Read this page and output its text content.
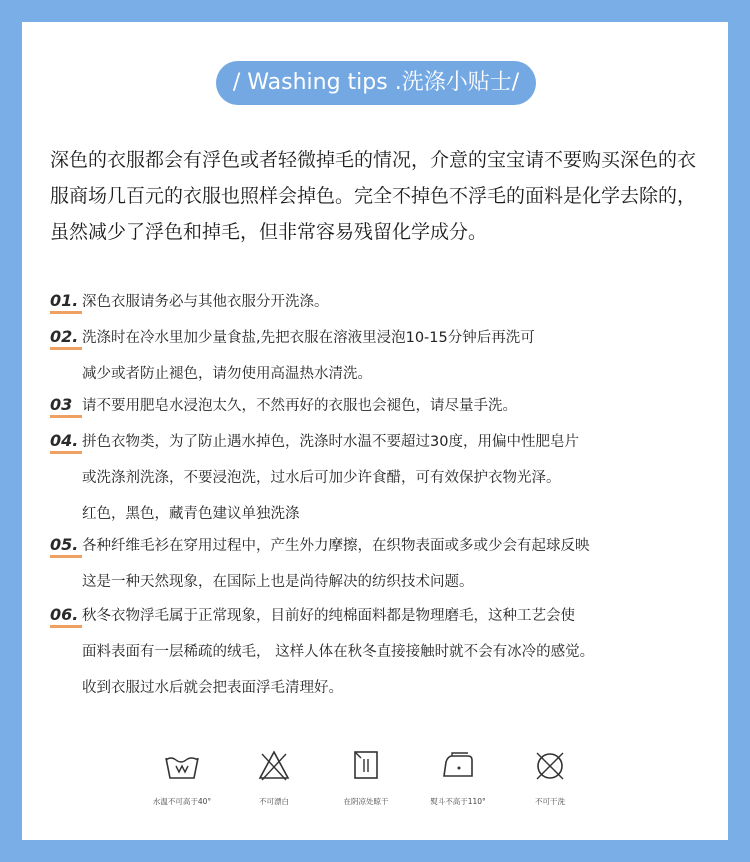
/ Washing tips .洗涤小贴士/
深色的衣服都会有浮色或者轻微掉毛的情况，介意的宝宝请不要购买深色的衣服商场几百元的衣服也照样会掉色。完全不掉色不浮毛的面料是化学去除的，虽然减少了浮色和掉毛，但非常容易残留化学成分。
01. 深色衣服请务必与其他衣服分开洗涤。
02. 洗涤时在冷水里加少量食盐,先把衣服在溶液里浸泡10-15分钟后再洗可
减少或者防止褪色，请勿使用高温热水清洗。
03 请不要用肥皂水浸泡太久，不然再好的衣服也会褪色，请尽量手洗。
04. 拼色衣物类，为了防止遇水掉色，洗涤时水温不要超过30度，用偏中性肥皂片
或洗涤剂洗涤，不要浸泡洗，过水后可加少许食醋，可有效保护衣物光泽。
红色，黑色，藏青色建议单独洗涤
05. 各种纤维毛衫在穿用过程中，产生外力摩擦，在织物表面或多或少会有起球反映
这是一种天然现象，在国际上也是尚待解决的纺织技术问题。
06. 秋冬衣物浮毛属于正常现象，目前好的纯棉面料都是物理磨毛，这种工艺会使
面料表面有一层稀疏的绒毛， 这样人体在秋冬直接接触时就不会有冰冷的感觉。
收到衣服过水后就会把表面浮毛清理好。
水温不可高于40°	不可漂白	在阴凉处晾干	熨斗不高于110°	不可干洗
